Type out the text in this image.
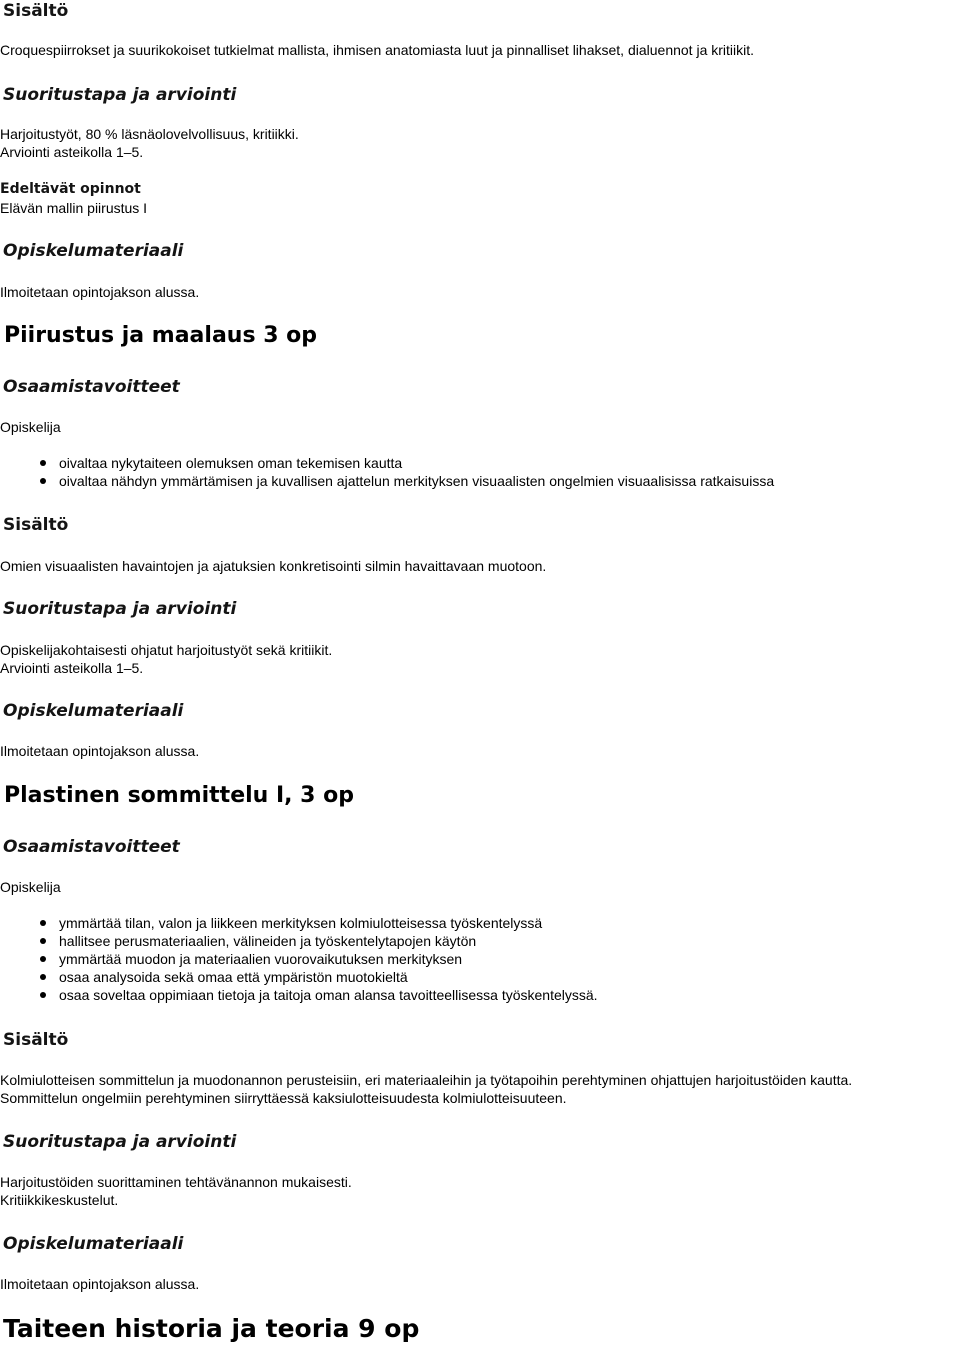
Sisältö
Croquespiirrokset ja suurikokoiset tutkielmat mallista, ihmisen anatomiasta luut ja pinnalliset lihakset, dialuennot ja kritiikit.
Suoritustapa ja arviointi
Harjoitustyöt, 80 % läsnäolovelvollisuus, kritiikki.
Arviointi asteikolla 1–5.
Edeltävät opinnot
Elävän mallin piirustus I
Opiskelumateriaali
Ilmoitetaan opintojakson alussa.
Piirustus ja maalaus 3 op
Osaamistavoitteet
Opiskelija
oivaltaa nykytaiteen olemuksen oman tekemisen kautta
oivaltaa nähdyn ymmärtämisen ja kuvallisen ajattelun merkityksen visuaalisten ongelmien visuaalisissa ratkaisuissa
Sisältö
Omien visuaalisten havaintojen ja ajatuksien konkretisointi silmin havaittavaan muotoon.
Suoritustapa ja arviointi
Opiskelijakohtaisesti ohjatut harjoitustyöt sekä kritiikit.
Arviointi asteikolla 1–5.
Opiskelumateriaali
Ilmoitetaan opintojakson alussa.
Plastinen sommittelu I, 3 op
Osaamistavoitteet
Opiskelija
ymmärtää tilan, valon ja liikkeen merkityksen kolmiulotteisessa työskentelyssä
hallitsee perusmateriaalien, välineiden ja työskentelytapojen käytön
ymmärtää muodon ja materiaalien vuorovaikutuksen merkityksen
osaa analysoida sekä omaa että ympäristön muotokieltä
osaa soveltaa oppimiaan tietoja ja taitoja oman alansa tavoitteellisessa työskentelyssä.
Sisältö
Kolmiulotteisen sommittelun ja muodonannon perusteisiin, eri materiaaleihin ja työtapoihin perehtyminen ohjattujen harjoitustöiden kautta.
Sommittelun ongelmiin perehtyminen siirryttäessä kaksiulotteisuudesta kolmiulotteisuuteen.
Suoritustapa ja arviointi
Harjoitustöiden suorittaminen tehtävänannon mukaisesti.
Kritiikkikeskustelut.
Opiskelumateriaali
Ilmoitetaan opintojakson alussa.
Taiteen historia ja teoria 9 op
